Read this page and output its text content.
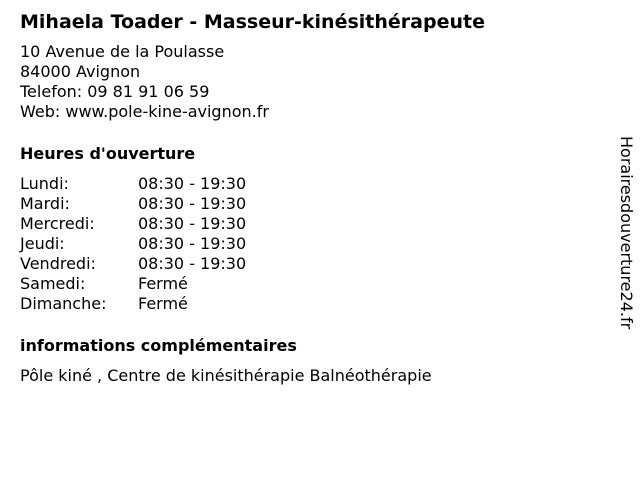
Mihaela Toader - Masseur-kinésithérapeute
10 Avenue de la Poulasse
84000 Avignon
Telefon: 09 81 91 06 59
Web: www.pole-kine-avignon.fr
Heures d'ouverture
Lundi:	08:30 - 19:30
Mardi:	08:30 - 19:30
Mercredi:	08:30 - 19:30
Jeudi:	08:30 - 19:30
Vendredi:	08:30 - 19:30
Samedi:	Fermé
Dimanche:	Fermé
informations complémentaires
Pôle kiné , Centre de kinésithérapie Balnéothérapie
Horairesdouverture24.fr
